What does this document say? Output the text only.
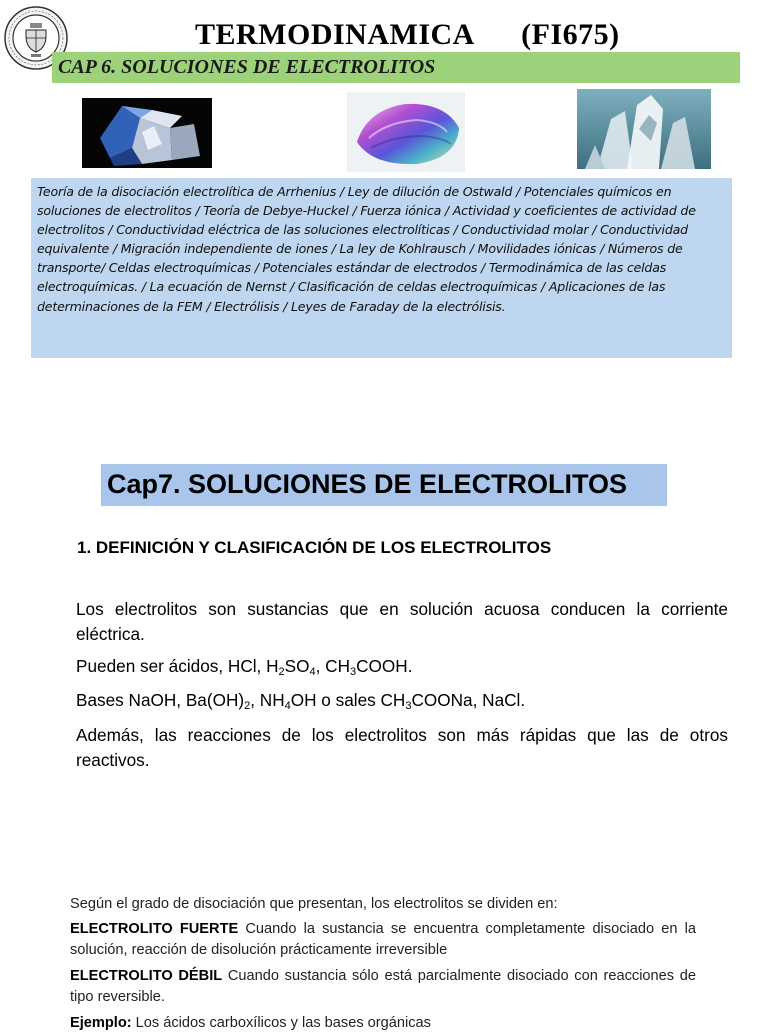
TERMODINAMICA      (FI675)
CAP 6. SOLUCIONES DE ELECTROLITOS

Teoría de la disociación electrolítica de Arrhenius / Ley de dilución de Ostwald / Potenciales químicos en soluciones de electrolitos / Teoría de Debye-Huckel / Fuerza iónica / Actividad y coeficientes de actividad de electrolitos / Conductividad eléctrica de las soluciones electrolíticas / Conductividad molar / Conductividad equivalente / Migración independiente de iones / La ley de Kohlrausch / Movilidades iónicas / Números de transporte/ Celdas electroquímicas / Potenciales estándar de electrodos / Termodinámica de las celdas electroquímicas. / La ecuación de Nernst / Clasificación de celdas electroquímicas / Aplicaciones de las determinaciones de la FEM / Electrólisis / Leyes de Faraday de la electrólisis.

Cap7. SOLUCIONES DE ELECTROLITOS
1. DEFINICIÓN Y CLASIFICACIÓN DE LOS ELECTROLITOS
Los electrolitos son sustancias que en solución acuosa conducen la corriente eléctrica.
Pueden ser ácidos, HCl, $H_2SO_4$, $CH_3COOH$.
Bases NaOH, $Ba(OH)_2$, $NH_4OH$ o sales $CH_3COONa$, NaCl.
Además, las reacciones de los electrolitos son más rápidas que las de otros reactivos.
Según el grado de disociación que presentan, los electrolitos se dividen en:
ELECTROLITO FUERTE Cuando la sustancia se encuentra completamente disociado en la solución, reacción de disolución prácticamente irreversible
ELECTROLITO DÉBIL Cuando sustancia sólo está parcialmente disociado con reacciones de tipo reversible.
Ejemplo: Los ácidos carboxílicos y las bases orgánicas
